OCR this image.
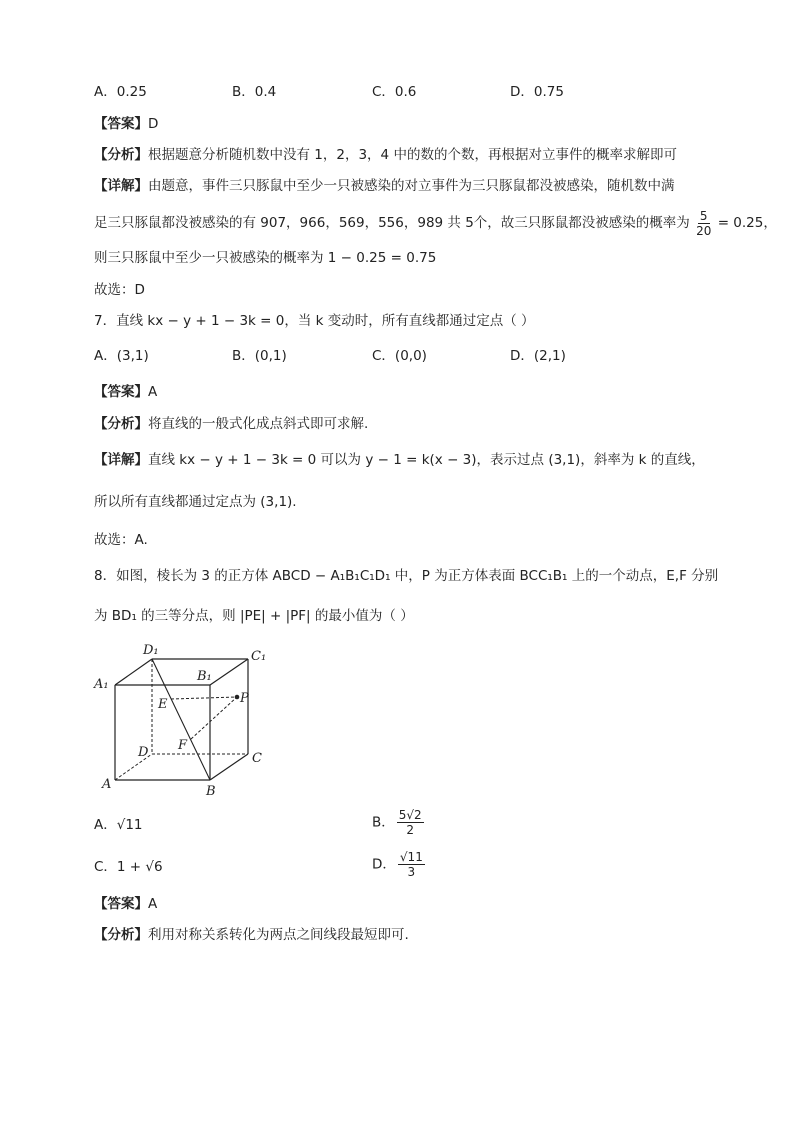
A．0.25	B．0.4	C．0.6	D．0.75
【答案】D
【分析】根据题意分析随机数中没有 1，2，3，4 中的数的个数，再根据对立事件的概率求解即可
【详解】由题意，事件三只豚鼠中至少一只被感染的对立事件为三只豚鼠都没被感染，随机数中满
足三只豚鼠都没被感染的有 907，966，569，556，989 共 5个，故三只豚鼠都没被感染的概率为 $\frac{5}{20} = 0.25$，
则三只豚鼠中至少一只被感染的概率为 1 − 0.25 = 0.75
故选：D
7．直线 kx − y + 1 − 3k = 0，当 k 变动时，所有直线都通过定点（ ）
A．(3,1)	B．(0,1)	C．(0,0)	D．(2,1)
【答案】A
【分析】将直线的一般式化成点斜式即可求解.
【详解】直线 kx − y + 1 − 3k = 0 可以为 y − 1 = k(x − 3)，表示过点 (3,1)，斜率为 k 的直线，
所以所有直线都通过定点为 (3,1).
故选：A.
8．如图，棱长为 3 的正方体 ABCD − A₁B₁C₁D₁ 中，P 为正方体表面 BCC₁B₁ 上的一个动点，E,F 分别
为 BD₁ 的三等分点，则 |PE| + |PF| 的最小值为（ ）
D₁	C₁
A₁
B₁
E	P
D F
C
A	B
A．√11	B． $\frac{5√2}{2}$
C．1 + √6	D． $\frac{√11}{3}$
【答案】A
【分析】利用对称关系转化为两点之间线段最短即可.
